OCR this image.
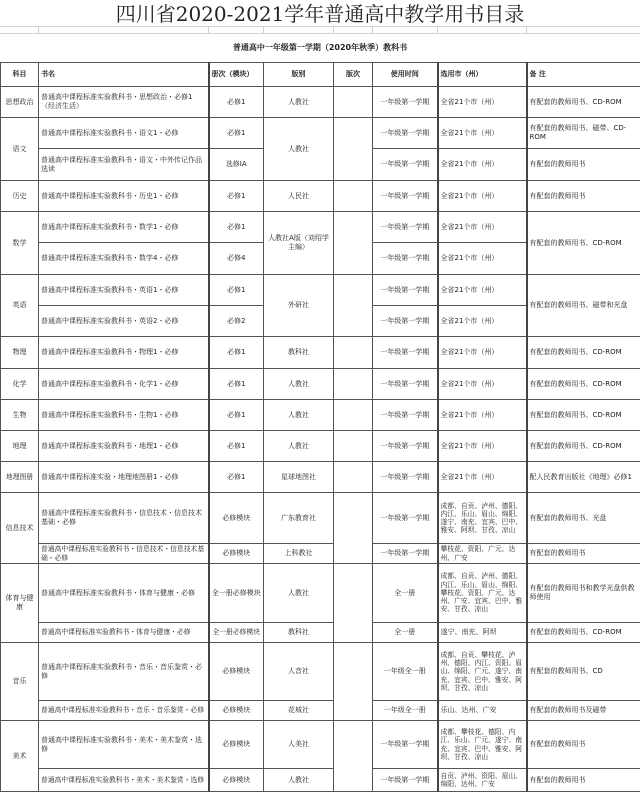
四川省2020-2021学年普通高中教学用书目录
普通高中一年级第一学期（2020年秋季）教科书
科目	书名	册次（模块）	版别	版次	使用时间	选用市（州）	备 注
思想政治	普通高中课程标准实验教科书・思想政治・必修1（经济生活）	必修1	人教社		一年级第一学期	全省21个市（州）	有配套的教师用书、CD-ROM
语文	普通高中课程标准实验教科书・语文1・必修	必修1	人教社		一年级第一学期	全省21个市（州）	有配套的教师用书、磁带、CD-ROM
	普通高中课程标准实验教科书・语文・中外传记作品选读	选修IA			一年级第一学期	全省21个市（州）	有配套的教师用书
历史	普通高中课程标准实验教科书・历史1・必修	必修1	人民社		一年级第一学期	全省21个市（州）	有配套的教师用书
数学	普通高中课程标准实验教科书・数学1・必修	必修1	人教社A版（刘绍学主编）		一年级第一学期	全省21个市（州）	有配套的教师用书、CD-ROM
	普通高中课程标准实验教科书・数学4・必修	必修4			一年级第一学期	全省21个市（州）	
英语	普通高中课程标准实验教科书・英语1・必修	必修1	外研社		一年级第一学期	全省21个市（州）	有配套的教师用书、磁带和光盘
	普通高中课程标准实验教科书・英语2・必修	必修2			一年级第一学期	全省21个市（州）	
物理	普通高中课程标准实验教科书・物理1・必修	必修1	教科社		一年级第一学期	全省21个市（州）	有配套的教师用书、CD-ROM
化学	普通高中课程标准实验教科书・化学1・必修	必修1	人教社		一年级第一学期	全省21个市（州）	有配套的教师用书、CD-ROM
生物	普通高中课程标准实验教科书・生物1・必修	必修1	人教社		一年级第一学期	全省21个市（州）	有配套的教师用书、CD-ROM
地理	普通高中课程标准实验教科书・地理1・必修	必修1	人教社		一年级第一学期	全省21个市（州）	有配套的教师用书、CD-ROM
地理图册	普通高中课程标准实验・地理地图册1・必修	必修1	星球地图社		一年级第一学期	全省21个市（州）	配人民教育出版社《地理》必修1
信息技术	普通高中课程标准实验教科书・信息技术・信息技术基础・必修	必修模块	广东教育社		一年级第一学期	成都、自贡、泸州、德阳、内江、乐山、眉山、绵阳、遂宁、南充、宜宾、巴中、雅安、阿坝、甘孜、凉山	有配套的教师用书、光盘
	普通高中课程标准实验教科书・信息技术・信息技术基础・必修	必修模块	上科教社		一年级第一学期	攀枝花、资阳、广元、达州、广安	有配套的教师用书
体育与健康	普通高中课程标准实验教科书・体育与健康・必修	全一册必修模块	人教社		全一册	成都、自贡、泸州、德阳、内江、乐山、眉山、绵阳、攀枝花、资阳、广元、达州、广安、宜宾、巴中、雅安、甘孜、凉山	有配套的教师用书和教学光盘供教师使用
	普通高中课程标准实验教科书・体育与健康・必修	全一册必修模块	教科社		全一册	遂宁、南充、阿坝	有配套的教师用书、CD-ROM
音乐	普通高中课程标准实验教科书・音乐・音乐鉴赏・必修	必修模块	人音社		一年级全一册	成都、自贡、攀枝花、泸州、德阳、内江、资阳、眉山、绵阳、广元、遂宁、南充、宜宾、巴中、雅安、阿坝、甘孜、凉山	有配套的教师用书、CD
	普通高中课程标准实验教科书・音乐・音乐鉴赏・必修	必修模块	花城社		一年级全一册	乐山、达州、广安	有配套的教师用书及磁带
美术	普通高中课程标准实验教科书・美术・美术鉴赏・选修	必修模块	人美社		一年级第一学期	成都、攀枝花、德阳、内江、乐山、广元、遂宁、南充、宜宾、巴中、雅安、阿坝、甘孜、凉山	有配套的教师用书
	普通高中课程标准实验教科书・美术・美术鉴赏・选修	必修模块	人教社		一年级第一学期	自贡、泸州、资阳、眉山、绵阳、达州、广安	有配套的教师用书
